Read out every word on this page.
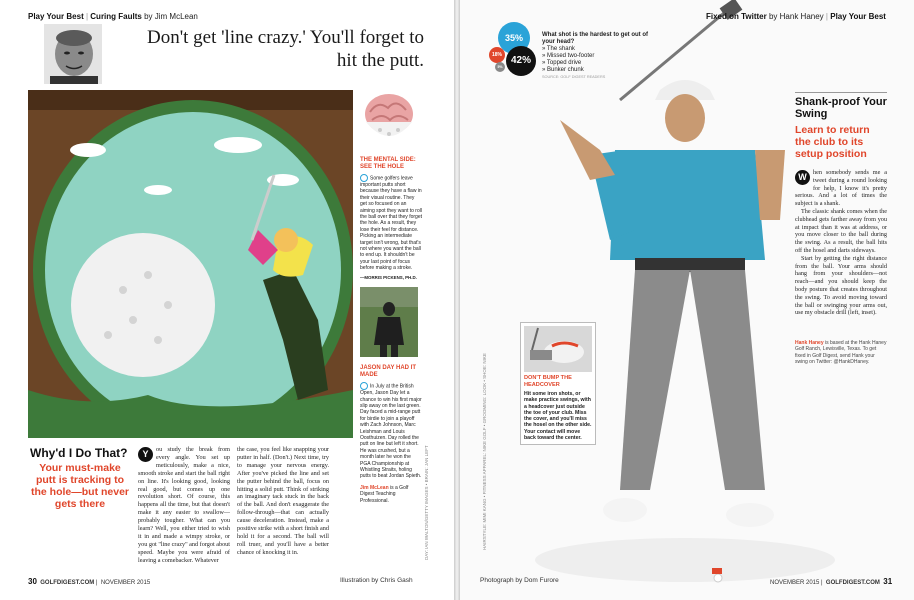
Play Your Best | Curing Faults by Jim McLean
Don't get 'line crazy.' You'll forget to hit the putt.
THE MENTAL SIDE: SEE THE HOLE
Some golfers leave important putts short because they have a flaw in their visual routine. They get so focused on an aiming spot they want to roll the ball over that they forget the hole. As a result, they lose their feel for distance. Picking an intermediate target isn't wrong, but that's not where you want the ball to end up. It shouldn't be your last point of focus before making a stroke.
—MORRIS PICKENS, PH.D.
JASON DAY HAD IT MADE
In July at the British Open, Jason Day let a chance to win his first major slip away on the last green. Day faced a mid-range putt for birdie to join a playoff with Zach Johnson, Marc Leishman and Louis Oosthuizen. Day rolled the putt on line but left it short. He was crushed, but a month later he won the PGA Championship at Whistling Straits, holing putts to beat Jordan Spieth.
Jim McLean is a Golf Digest Teaching Professional.	DAY: IAN WALTON/GETTY IMAGES • BRAIN: JAN LEFT
Why'd I Do That?
Your must-make putt is tracking to the hole—but never gets there
Y	ou study the break from every angle. You set up meticulously, make a nice, smooth stroke and start the ball right on line. It's looking good, looking real good, but comes up one revolution short. Of course, this happens all the time, but that doesn't make it any easier to swallow—probably tougher. What can you learn? Well, you either tried to wish it in and made a wimpy stroke, or you got "line crazy" and forgot about speed. Maybe you were afraid of leaving a comebacker. Whatever
the case, you feel like snapping your putter in half. (Don't.) Next time, try to manage your nervous energy. After you've picked the line and set the putter behind the ball, focus on hitting a solid putt. Think of striking an imaginary tack stuck in the back of the ball. And don't exaggerate the follow-through—that can actually cause deceleration. Instead, make a positive strike with a short finish and hold it for a second. The ball will roll truer, and you'll have a better chance of knocking it in.
30 GOLFDIGEST.COM |  NOVEMBER 2015	Illustration by Chris Gash
Fixed on Twitter by Hank Haney | Play Your Best
35%
42%
18%
5%
What shot is the hardest to get out of your head?
» The shank
» Missed two-footer
» Topped drive
» Bunker chunk
SOURCE: GOLF DIGEST READERS
Shank-proof Your Swing
Learn to return the club to its setup position
W	hen somebody sends me a tweet during a round looking for help, I know it's pretty serious. And a lot of times the subject is a shank.
The classic shank comes when the clubhead gets farther away from you at impact than it was at address, or you move closer to the ball during the swing. As a result, the ball hits off the hosel and darts sideways.
Start by getting the right distance from the ball. Your arms should hang from your shoulders—not reach—and you should keep the body posture that creates throughout the swing. To avoid moving toward the ball or swinging your arms out, use my obstacle drill (left, inset).
Hank Haney is based at the Hank Haney Golf Ranch, Lewisville, Texas. To get fixed in Golf Digest, send Hank your swing on Twitter: @HankDHaney.
DON'T BUMP THE HEADCOVER
Hit some iron shots, or make practice swings, with a headcover just outside the toe of your club. Miss the cover, and you'll miss the hosel on the other side. Your contact will move back toward the center.
HAIRSTYLE: MIMI KANG • FITNESS APPAREL: NIKE GOLF • GROOMING: LOOK • SHOE: NIKE
Photograph by Dom Furore	NOVEMBER 2015 |  GOLFDIGEST.COM 31
